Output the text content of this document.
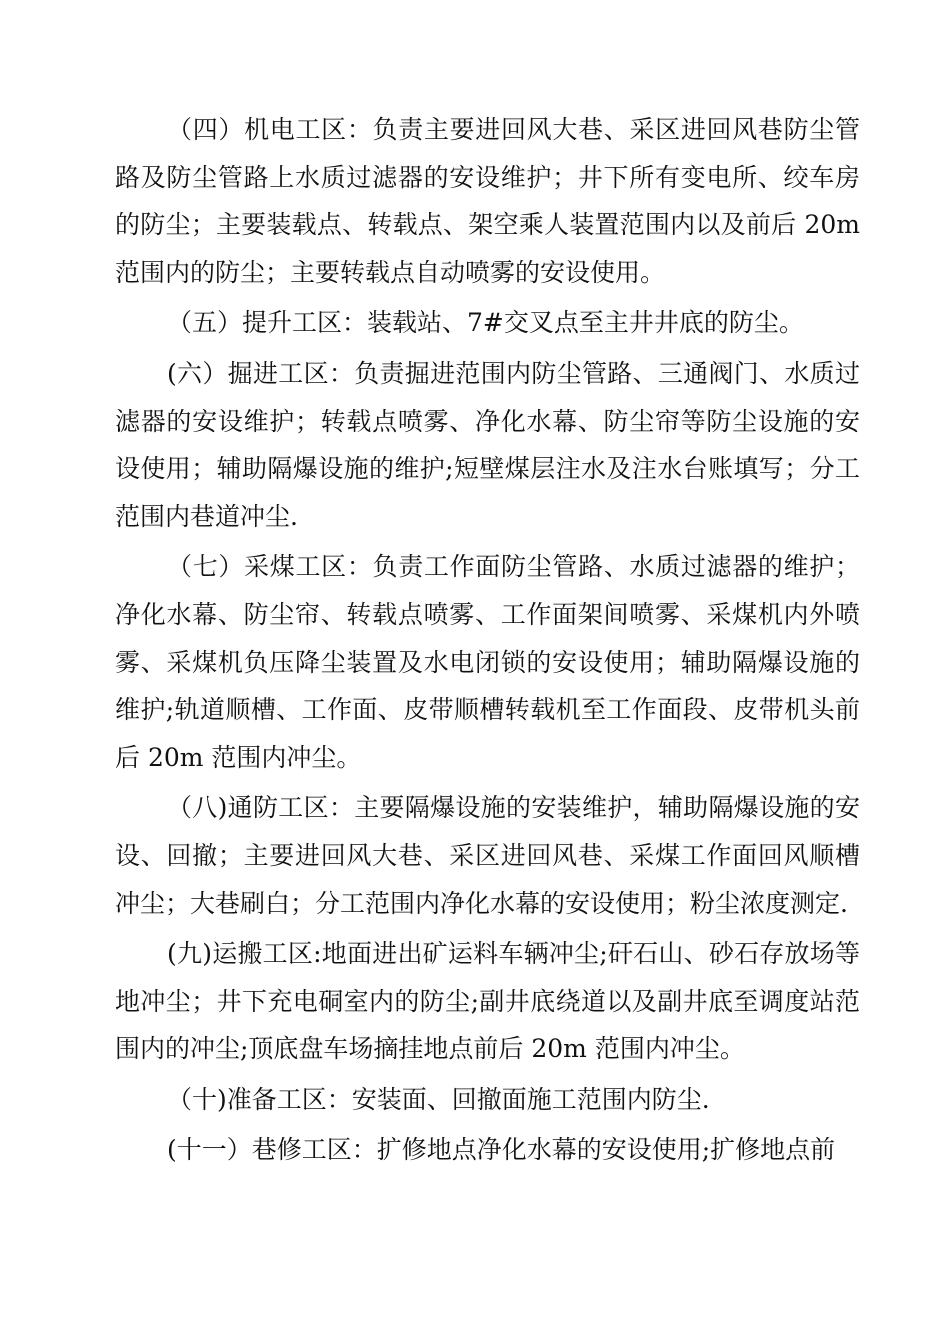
（四）机电工区：负责主要进回风大巷、采区进回风巷防尘管路及防尘管路上水质过滤器的安设维护；井下所有变电所、绞车房的防尘；主要装载点、转载点、架空乘人装置范围内以及前后 20m 范围内的防尘；主要转载点自动喷雾的安设使用。

（五）提升工区：装载站、7#交叉点至主井井底的防尘。

(六）掘进工区：负责掘进范围内防尘管路、三通阀门、水质过滤器的安设维护；转载点喷雾、净化水幕、防尘帘等防尘设施的安设使用；辅助隔爆设施的维护;短壁煤层注水及注水台账填写；分工范围内巷道冲尘.

（七）采煤工区：负责工作面防尘管路、水质过滤器的维护；净化水幕、防尘帘、转载点喷雾、工作面架间喷雾、采煤机内外喷雾、采煤机负压降尘装置及水电闭锁的安设使用；辅助隔爆设施的维护;轨道顺槽、工作面、皮带顺槽转载机至工作面段、皮带机头前后 20m 范围内冲尘。

（八)通防工区：主要隔爆设施的安装维护，辅助隔爆设施的安设、回撤；主要进回风大巷、采区进回风巷、采煤工作面回风顺槽冲尘；大巷刷白；分工范围内净化水幕的安设使用；粉尘浓度测定.

(九)运搬工区:地面进出矿运料车辆冲尘;矸石山、砂石存放场等地冲尘；井下充电硐室内的防尘;副井底绕道以及副井底至调度站范围内的冲尘;顶底盘车场摘挂地点前后 20m 范围内冲尘。

（十)准备工区：安装面、回撤面施工范围内防尘.

(十一）巷修工区：扩修地点净化水幕的安设使用;扩修地点前
